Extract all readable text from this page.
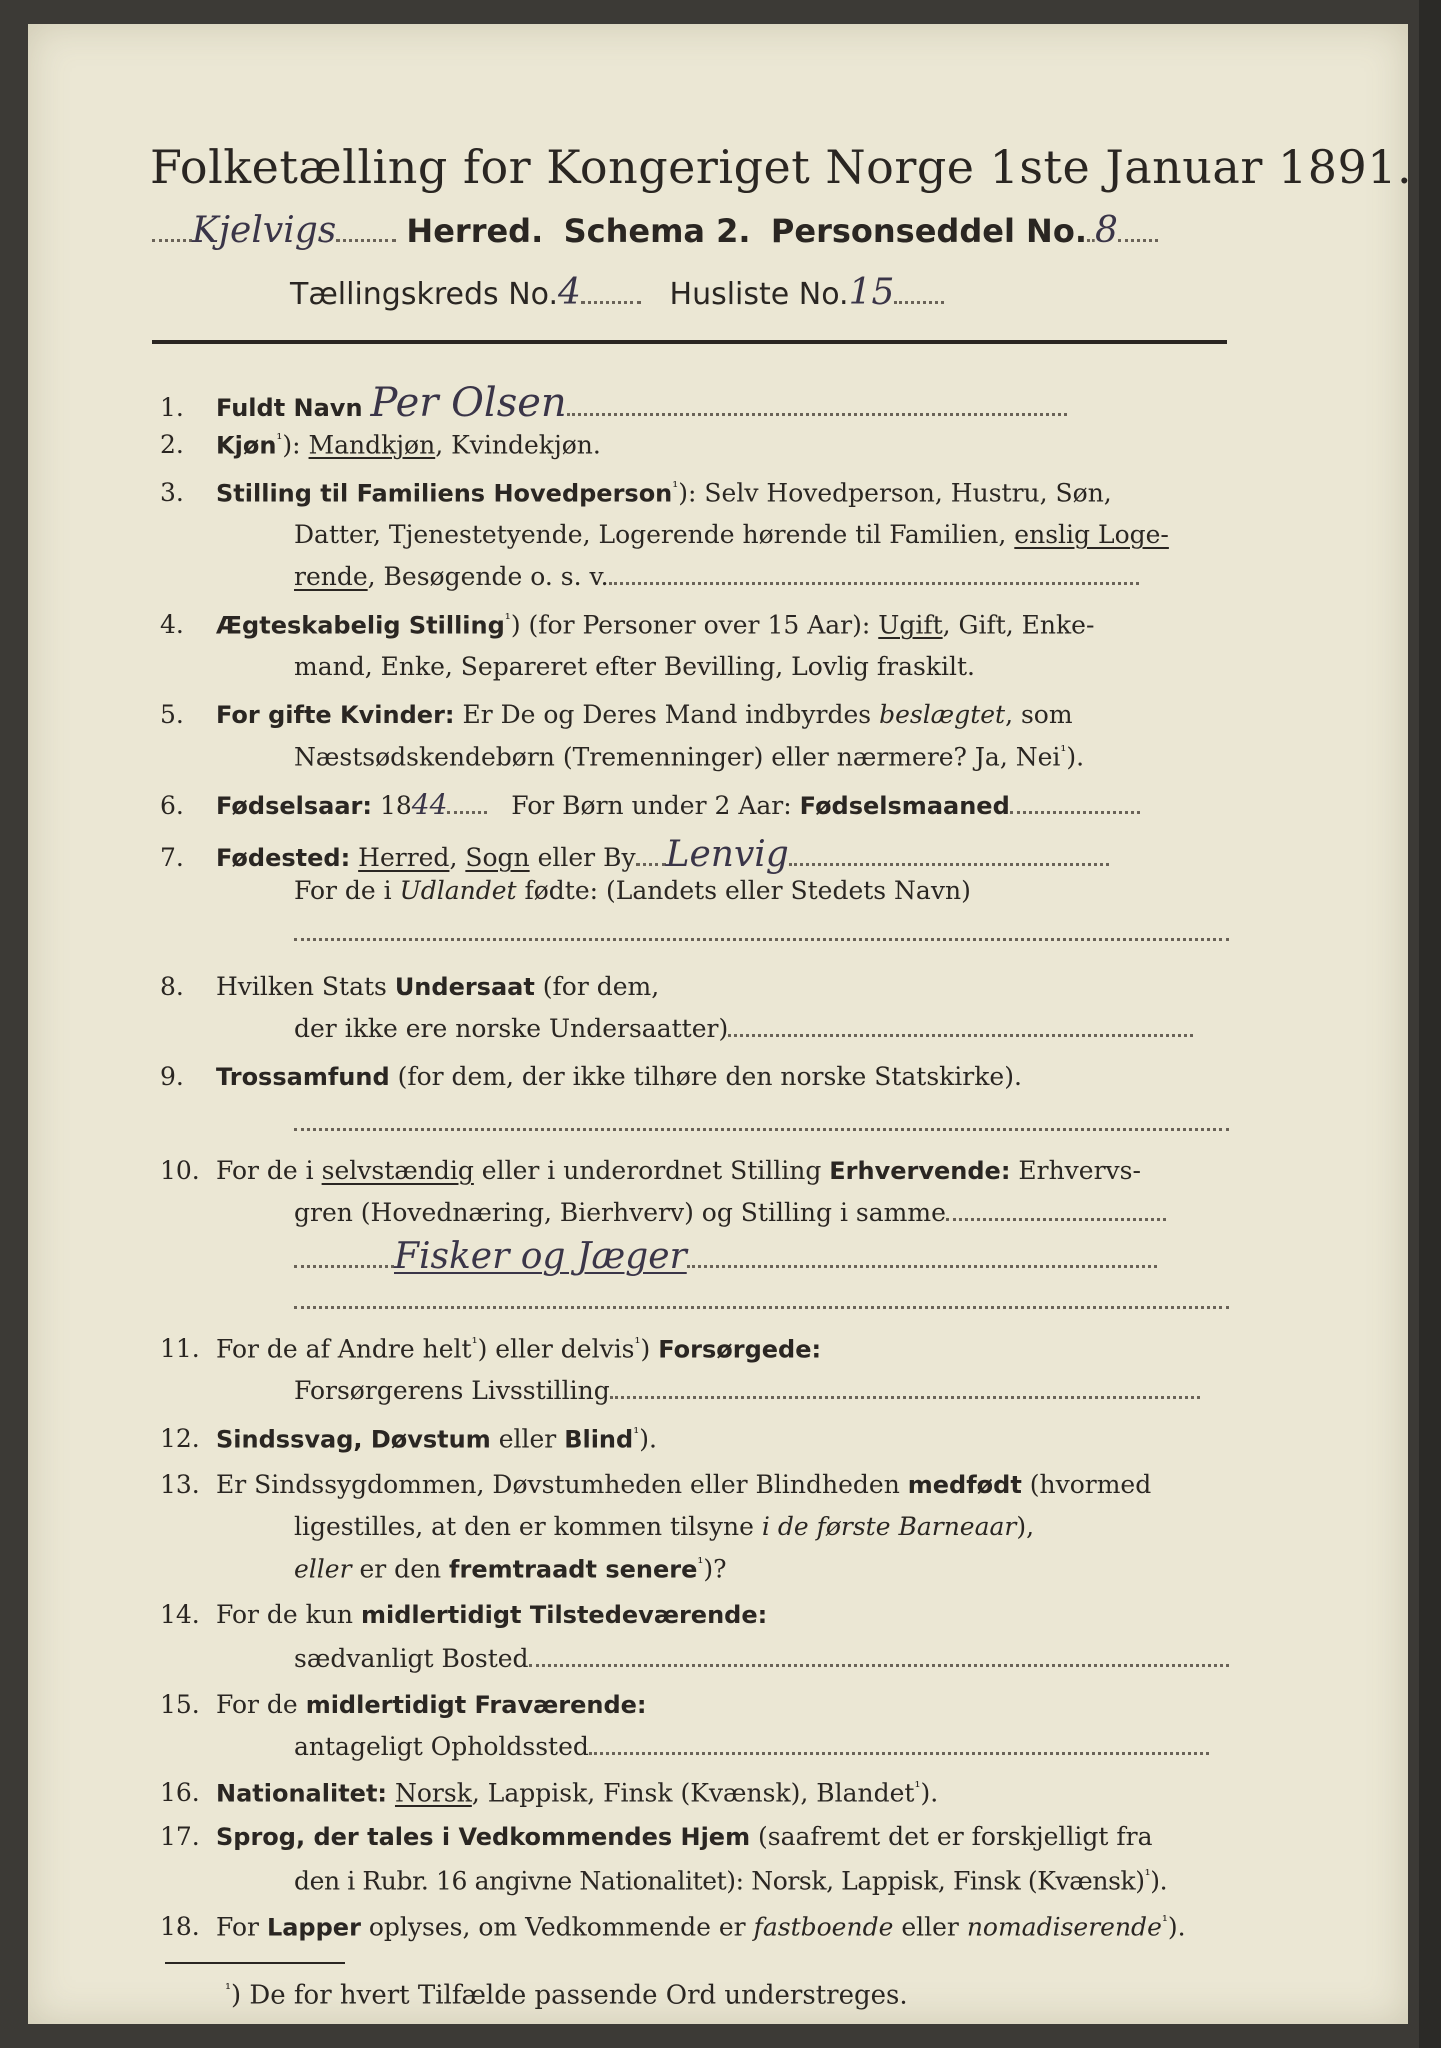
Folketælling for Kongeriget Norge 1ste Januar 1891.
Kjelvigs Herred. Schema 2. Personseddel No. 8
Tællingskreds No.4	Husliste No.15
1. Fuldt Navn Per Olsen
2. Kjøn$^{^1}$): Mandkjøn, Kvindekjøn.
3. Stilling til Familiens Hovedperson$^{^1}$): Selv Hovedperson, Hustru, Søn,
Datter, Tjenestetyende, Logerende hørende til Familien, enslig Loge-
rende, Besøgende o. s. v.
4. Ægteskabelig Stilling$^{^1}$) (for Personer over 15 Aar): Ugift, Gift, Enke-
mand, Enke, Separeret efter Bevilling, Lovlig fraskilt.
5. For gifte Kvinder: Er De og Deres Mand indbyrdes beslægtet, som
Næstsødskendebørn (Tremenninger) eller nærmere? Ja, Nei$^{^1}$).
6. Fødselsaar: 1844	For Børn under 2 Aar: Fødselsmaaned
7. Fødested: Herred, Sogn eller By Lenvig
For de i Udlandet fødte: (Landets eller Stedets Navn)
8. Hvilken Stats Undersaat (for dem,
der ikke ere norske Undersaatter)
9. Trossamfund (for dem, der ikke tilhøre den norske Statskirke).
10. For de i selvstændig eller i underordnet Stilling Erhvervende: Erhvervs-
gren (Hovednæring, Bierhverv) og Stilling i samme
Fisker og Jæger
11. For de af Andre helt$^{^1}$) eller delvis$^{^1}$) Forsørgede:
Forsørgerens Livsstilling
12. Sindssvag, Døvstum eller Blind$^{^1}$).
13. Er Sindssygdommen, Døvstumheden eller Blindheden medfødt (hvormed
ligestilles, at den er kommen tilsyne i de første Barneaar),
eller er den fremtraadt senere$^{^1}$)?
14. For de kun midlertidigt Tilstedeværende:
sædvanligt Bosted
15. For de midlertidigt Fraværende:
antageligt Opholdssted
16. Nationalitet: Norsk, Lappisk, Finsk (Kvænsk), Blandet$^{^1}$).
17. Sprog, der tales i Vedkommendes Hjem (saafremt det er forskjelligt fra
den i Rubr. 16 angivne Nationalitet): Norsk, Lappisk, Finsk (Kvænsk)$^{^1}$).
18. For Lapper oplyses, om Vedkommende er fastboende eller nomadiserende$^{^1}$).
$^{^1}$) De for hvert Tilfælde passende Ord understreges.
